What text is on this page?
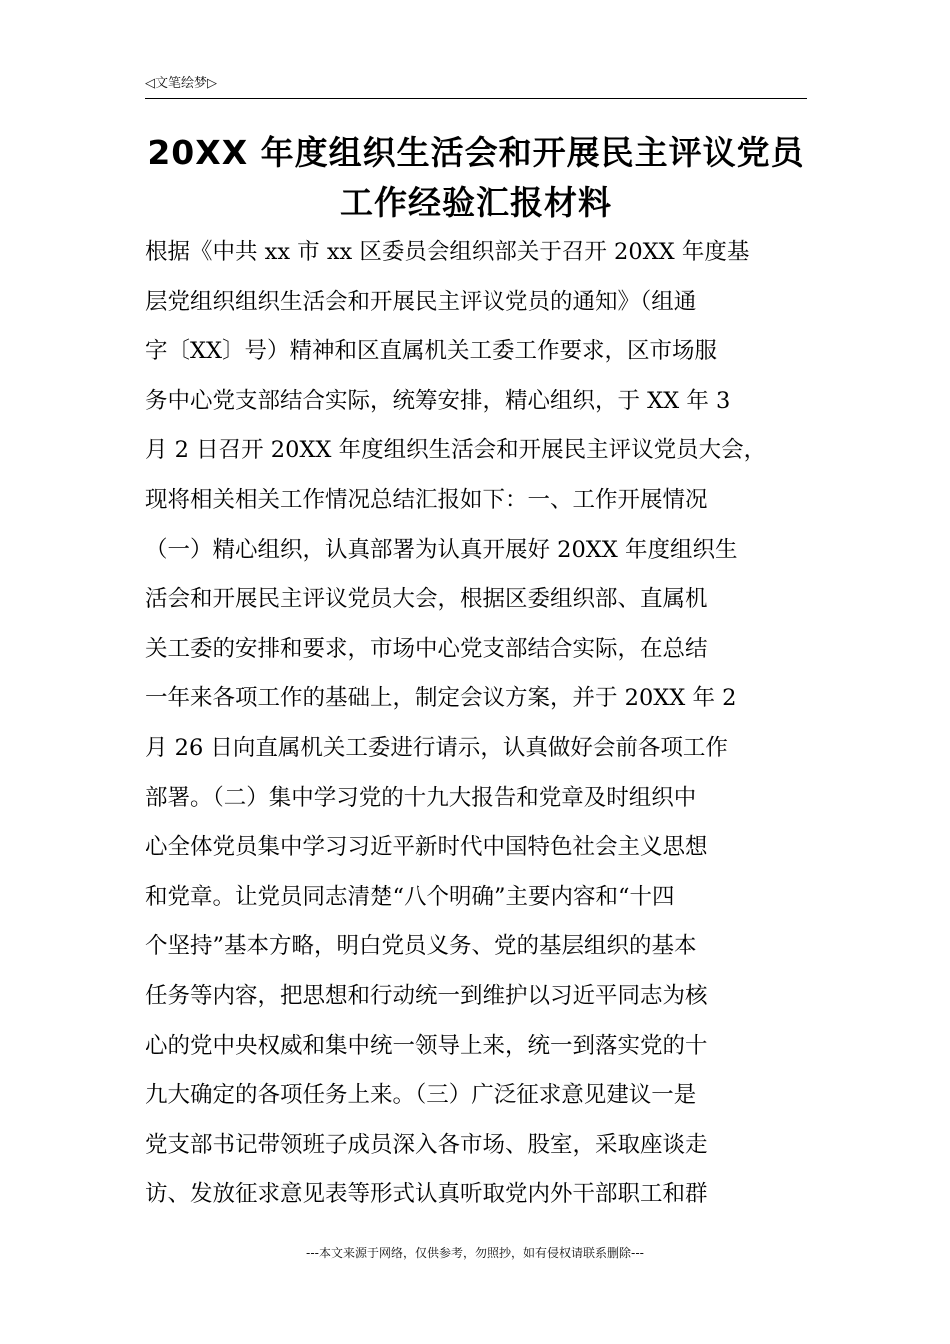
◁文笔绘梦▷
20XX 年度组织生活会和开展民主评议党员
工作经验汇报材料
根据《中共 xx 市 xx 区委员会组织部关于召开 20XX 年度基
层党组织组织生活会和开展民主评议党员的通知》（组通
字〔XX〕号）精神和区直属机关工委工作要求，区市场服
务中心党支部结合实际，统筹安排，精心组织，于 XX 年 3
月 2 日召开 20XX 年度组织生活会和开展民主评议党员大会，
现将相关相关工作情况总结汇报如下：一、工作开展情况
（一）精心组织，认真部署为认真开展好 20XX 年度组织生
活会和开展民主评议党员大会，根据区委组织部、直属机
关工委的安排和要求，市场中心党支部结合实际，在总结
一年来各项工作的基础上，制定会议方案，并于 20XX 年 2
月 26 日向直属机关工委进行请示，认真做好会前各项工作
部署。（二）集中学习党的十九大报告和党章及时组织中
心全体党员集中学习习近平新时代中国特色社会主义思想
和党章。让党员同志清楚“八个明确”主要内容和“十四
个坚持”基本方略，明白党员义务、党的基层组织的基本
任务等内容，把思想和行动统一到维护以习近平同志为核
心的党中央权威和集中统一领导上来，统一到落实党的十
九大确定的各项任务上来。（三）广泛征求意见建议一是
党支部书记带领班子成员深入各市场、股室，采取座谈走
访、发放征求意见表等形式认真听取党内外干部职工和群
---本文来源于网络，仅供参考，勿照抄，如有侵权请联系删除---
